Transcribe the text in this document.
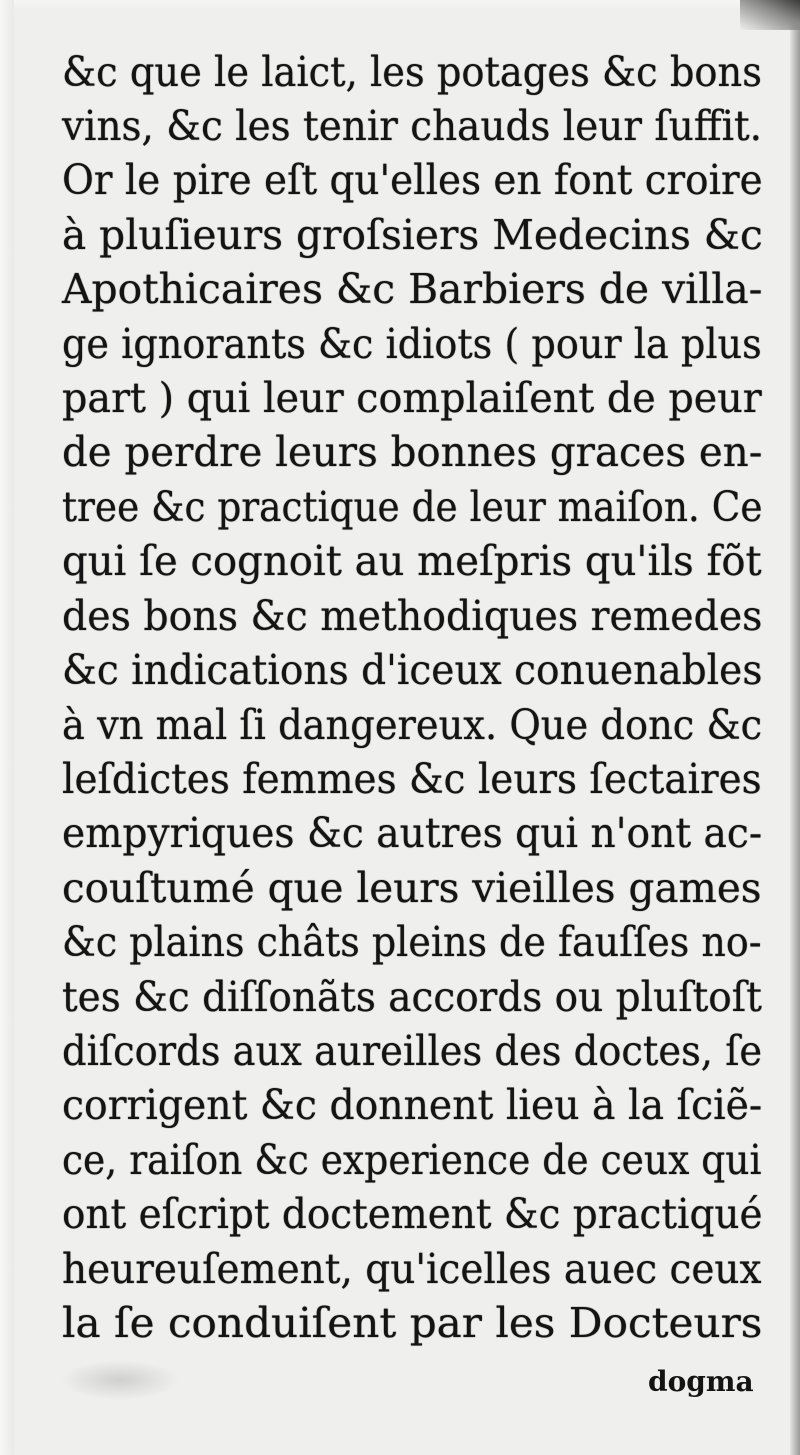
&c que le laict, les potages &c bons
vins, &c les tenir chauds leur ſuffit.
Or le pire eſt qu'elles en font croire
à pluſieurs groſsiers Medecins &c
Apothicaires &c Barbiers de villa-
ge ignorants &c idiots ( pour la plus
part ) qui leur complaiſent de peur
de perdre leurs bonnes graces en-
tree &c practique de leur maiſon. Ce
qui ſe cognoit au meſpris qu'ils fõt
des bons &c methodiques remedes
&c indications d'iceux conuenables
à vn mal ſi dangereux. Que donc &c
leſdictes femmes &c leurs ſectaires
empyriques &c autres qui n'ont ac-
couſtumé que leurs vieilles games
&c plains châts pleins de fauſſes no-
tes &c diſſonãts accords ou pluſtoſt
diſcords aux aureilles des doctes, ſe
corrigent &c donnent lieu à la ſciẽ-
ce, raiſon &c experience de ceux qui
ont eſcript doctement &c practiqué
heureuſement, qu'icelles auec ceux
la ſe conduiſent par les Docteurs
dogma
